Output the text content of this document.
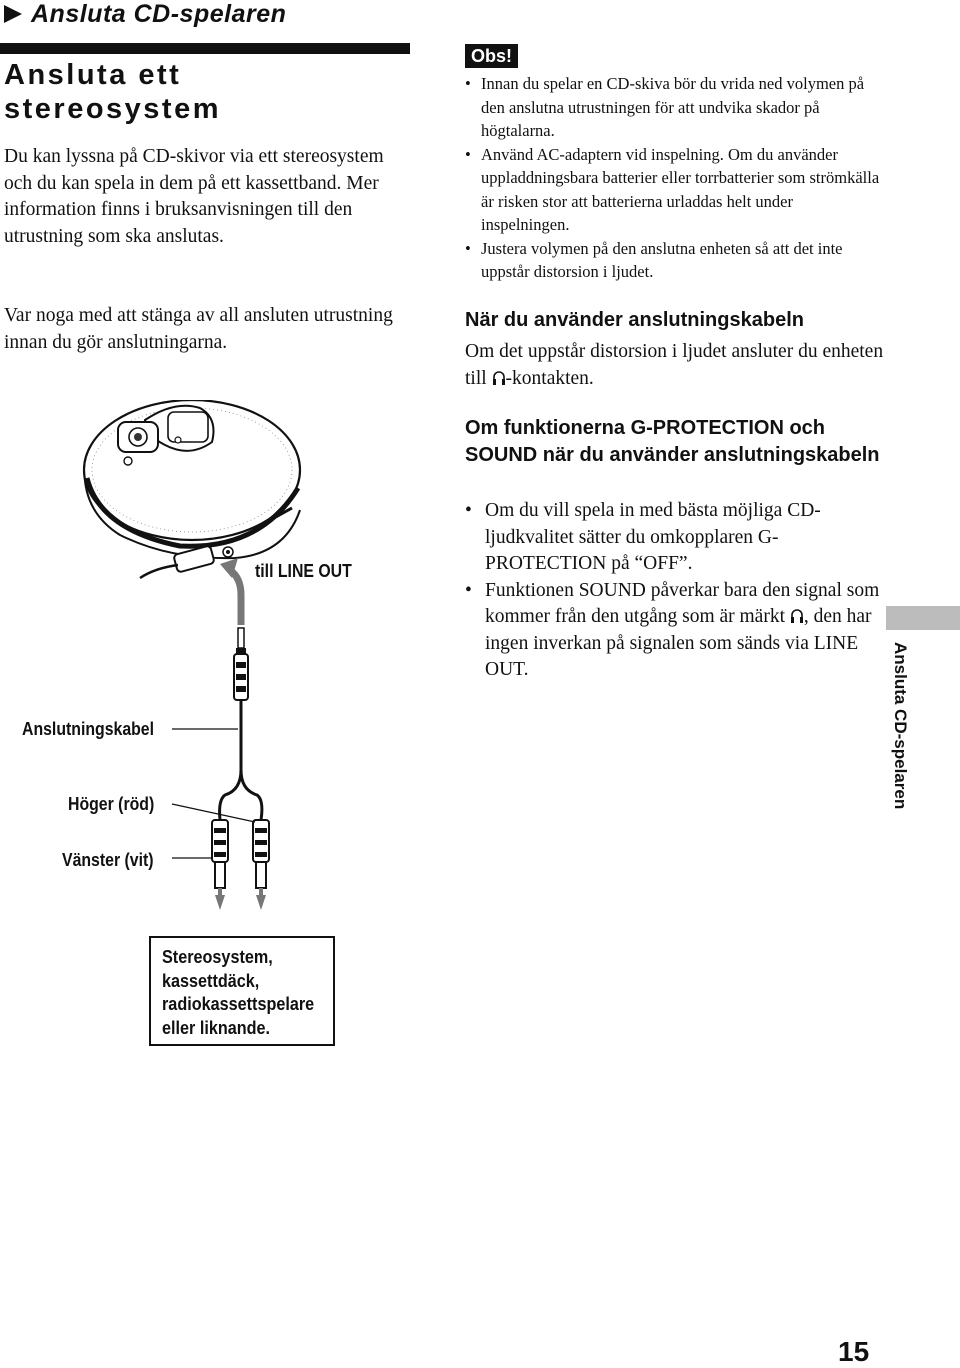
Ansluta CD-spelaren
Ansluta ett
stereosystem
Du kan lyssna på CD-skivor via ett stereosystem och du kan spela in dem på ett kassettband. Mer information finns i bruksanvisningen till den utrustning som ska anslutas.
Var noga med att stänga av all ansluten utrustning innan du gör anslutningarna.
till LINE OUT
Anslutningskabel
Höger (röd)
Vänster (vit)
Stereosystem,
kassettdäck,
radiokassettspelare
eller liknande.
Obs!
• Innan du spelar en CD-skiva bör du vrida ned volymen på den anslutna utrustningen för att undvika skador på högtalarna.
• Använd AC-adaptern vid inspelning. Om du använder uppladdningsbara batterier eller torrbatterier som strömkälla är risken stor att batterierna urladdas helt under inspelningen.
• Justera volymen på den anslutna enheten så att det inte uppstår distorsion i ljudet.
När du använder anslutningskabeln
Om det uppstår distorsion i ljudet ansluter du enheten till -kontakten.
Om funktionerna G-PROTECTION och SOUND när du använder anslutningskabeln
• Om du vill spela in med bästa möjliga CD-ljudkvalitet sätter du omkopplaren G-PROTECTION på “OFF”.
• Funktionen SOUND påverkar bara den signal som kommer från den utgång som är märkt , den har ingen inverkan på signalen som sänds via LINE OUT.	Ansluta CD-spelaren
15
